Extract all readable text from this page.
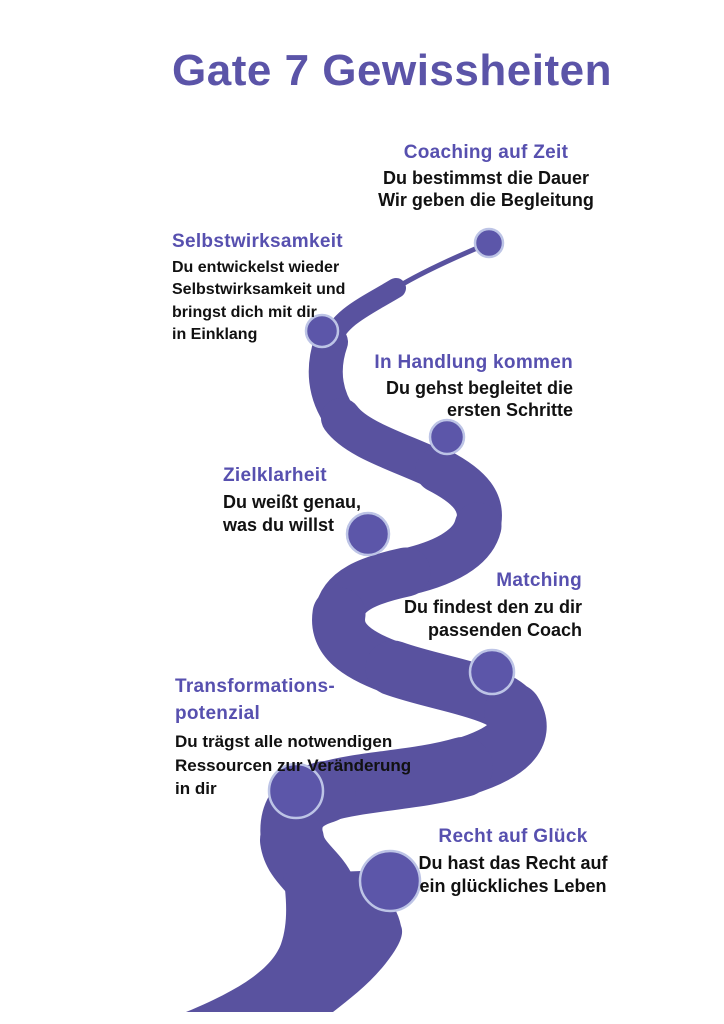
Gate 7 Gewissheiten
Coaching auf Zeit
Du bestimmst die Dauer
Wir geben die Begleitung
Selbstwirksamkeit
Du entwickelst wieder
Selbstwirksamkeit und
bringst dich mit dir
in Einklang
In Handlung kommen
Du gehst begleitet die
ersten Schritte
Zielklarheit
Du weißt genau,
was du willst
Matching
Du findest den zu dir
passenden Coach
Transformations-
potenzial
Du trägst alle notwendigen
Ressourcen zur Veränderung
in dir
Recht auf Glück
Du hast das Recht auf
ein glückliches Leben
